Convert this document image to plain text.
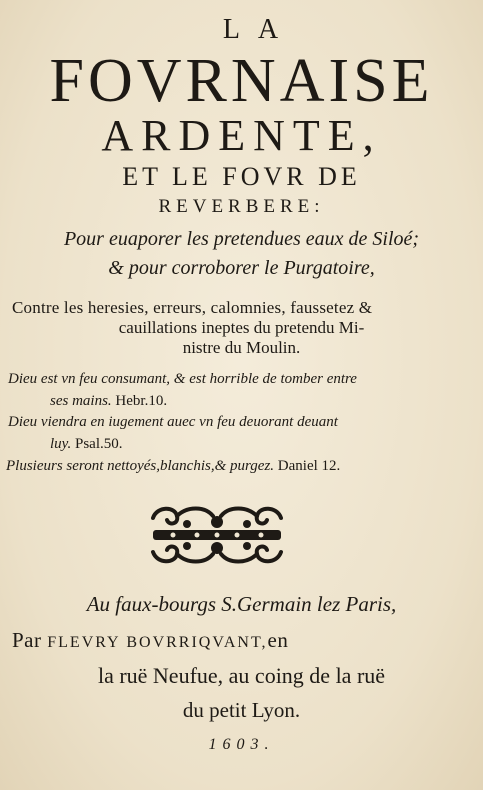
LA
FOVRNAISE
ARDENTE,
ET LE FOVR DE
REVERBERE:
Pour euaporer les pretendues eaux de Siloé;
& pour corroborer le Purgatoire,
Contre les heresies, erreurs, calomnies, faussetez &
cauillations ineptes du pretendu Mi-
nistre du Moulin.
Dieu est vn feu consumant, & est horrible de tomber entre
ses mains. Hebr.10.
Dieu viendra en iugement auec vn feu deuorant deuant
luy. Psal.50.
Plusieurs seront nettoyés,blanchis,& purgez. Daniel 12.
Au faux-bourgs S.Germain lez Paris,
Par FLEVRY BOVRRIQVANT,en
la ruë Neufue, au coing de la ruë
du petit Lyon.
1603.
